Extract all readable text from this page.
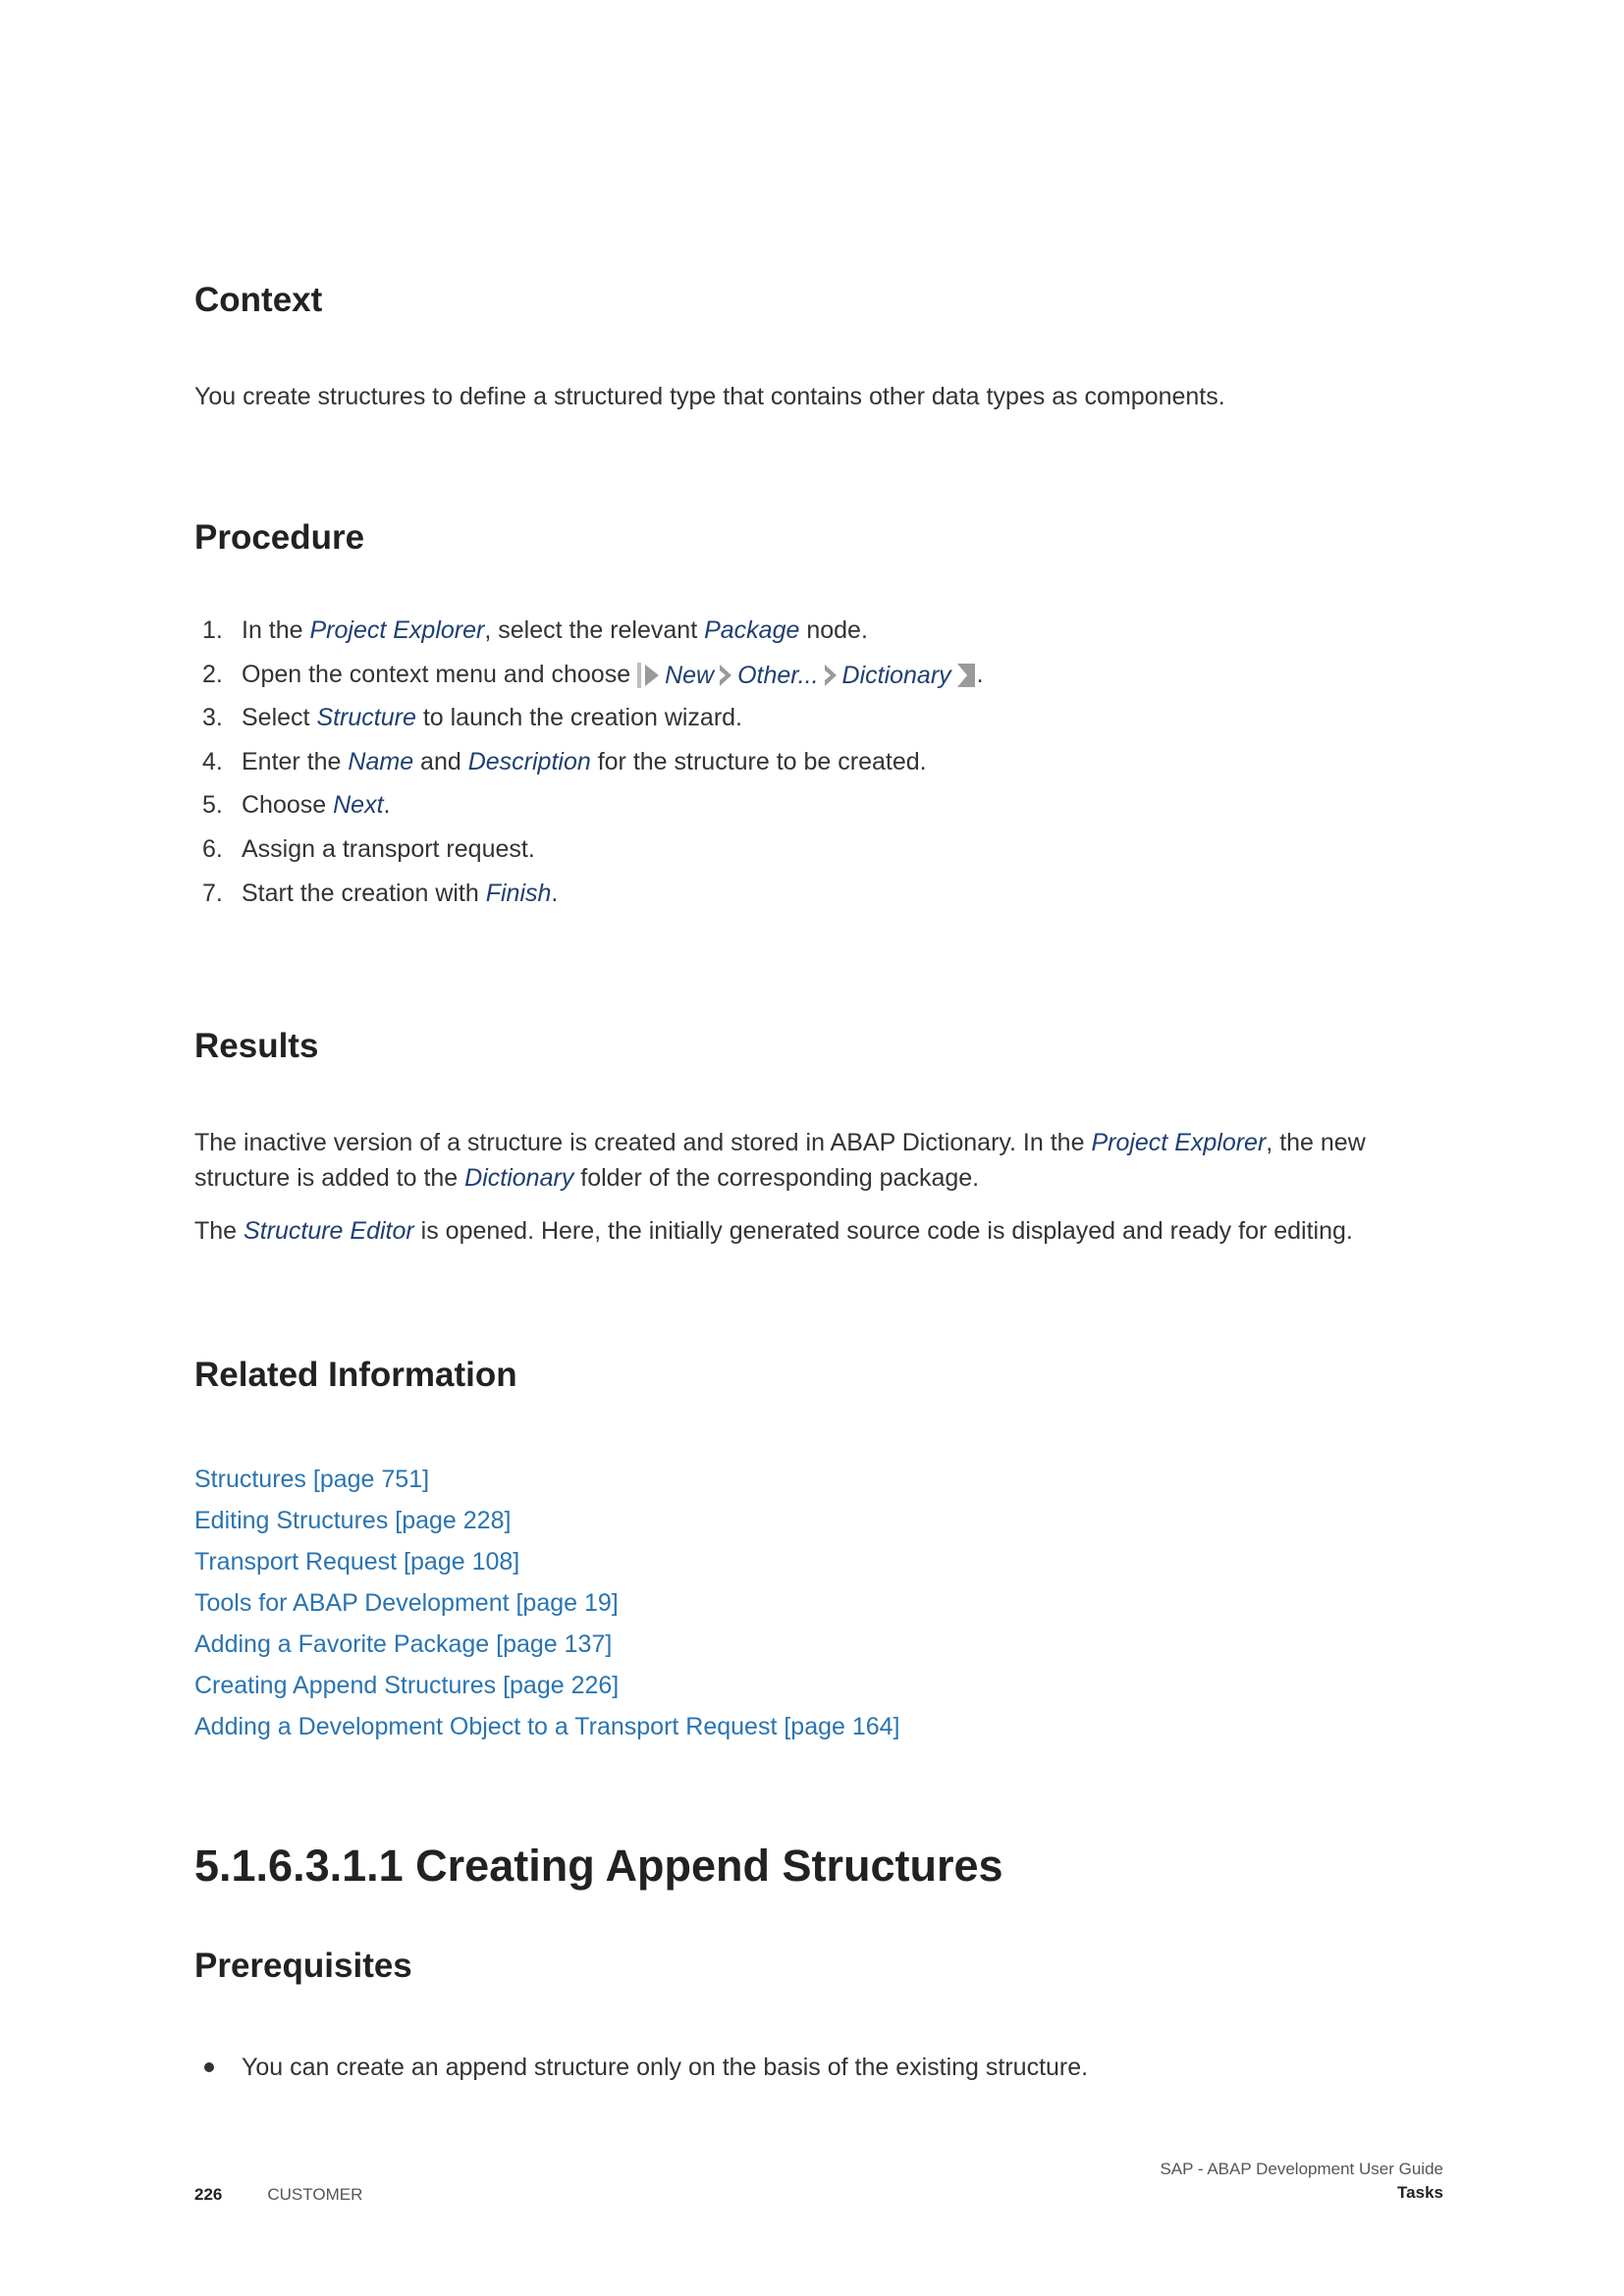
Context

You create structures to define a structured type that contains other data types as components.

Procedure
1. In the Project Explorer, select the relevant Package node.
2. Open the context menu and choose New Other... Dictionary .
3. Select Structure to launch the creation wizard.
4. Enter the Name and Description for the structure to be created.
5. Choose Next.
6. Assign a transport request.
7. Start the creation with Finish.
Results

The inactive version of a structure is created and stored in ABAP Dictionary. In the Project Explorer, the new structure is added to the Dictionary folder of the corresponding package.

The Structure Editor is opened. Here, the initially generated source code is displayed and ready for editing.

Related Information
Structures [page 751]
Editing Structures [page 228]
Transport Request [page 108]
Tools for ABAP Development [page 19]
Adding a Favorite Package [page 137]
Creating Append Structures [page 226]
Adding a Development Object to a Transport Request [page 164]
5.1.6.3.1.1 Creating Append Structures
Prerequisites
You can create an append structure only on the basis of the existing structure.
226	CUSTOMER
SAP - ABAP Development User Guide
Tasks
